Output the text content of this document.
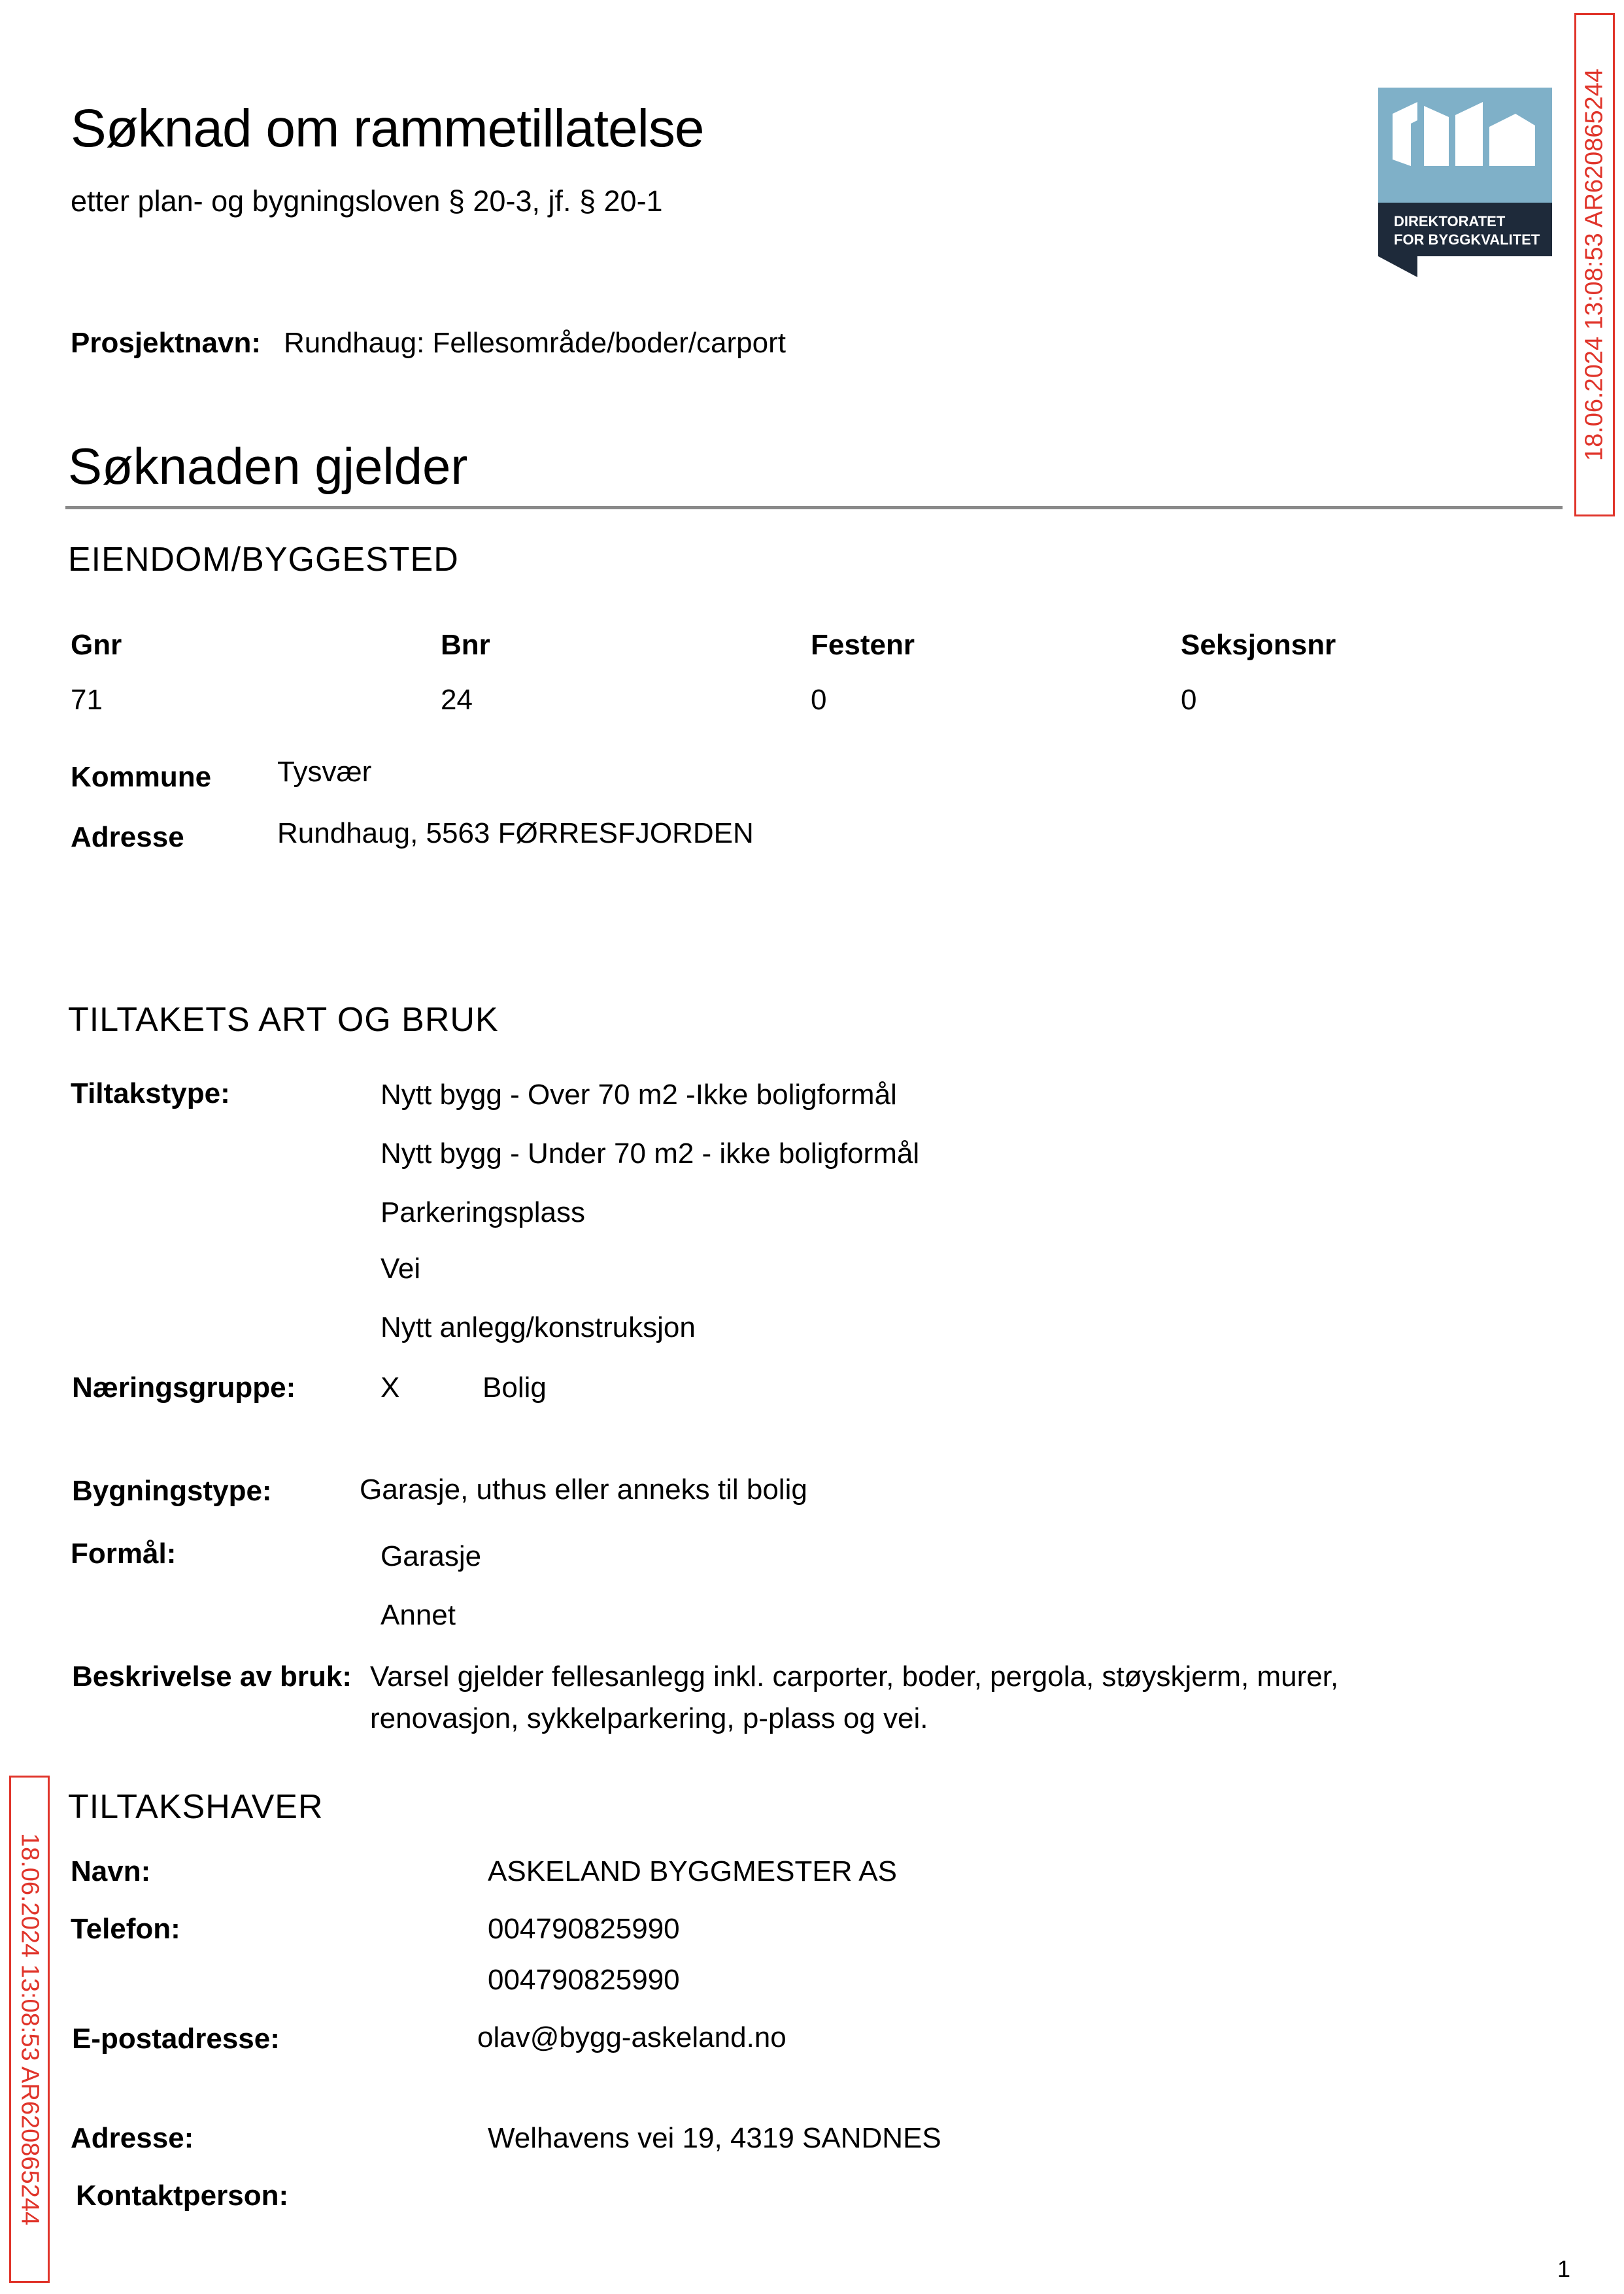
Søknad om rammetillatelse
etter plan- og bygningsloven § 20-3, jf. § 20-1
DIREKTORATET
FOR BYGGKVALITET 18.06.2024 13:08:53 AR620865244
Prosjektnavn: Rundhaug: Fellesområde/boder/carport
Søknaden gjelder
EIENDOM/BYGGESTED
Gnr	Bnr	Festenr	Seksjonsnr
71	24	0	0
Kommune Tysvær
Adresse	Rundhaug, 5563 FØRRESFJORDEN
TILTAKETS ART OG BRUK
Tiltakstype:	Nytt bygg - Over 70 m2 -Ikke boligformål
Nytt bygg - Under 70 m2 - ikke boligformål
Parkeringsplass
Vei
Nytt anlegg/konstruksjon
Næringsgruppe:	X	Bolig
Bygningstype:	Garasje, uthus eller anneks til bolig
Formål:	Garasje
Annet
Beskrivelse av bruk: Varsel gjelder fellesanlegg inkl. carporter, boder, pergola, støyskjerm, murer,
renovasjon, sykkelparkering, p-plass og vei.
TILTAKSHAVER
Navn:	ASKELAND BYGGMESTER AS
Telefon:	004790825990
004790825990
E-postadresse:	olav@bygg-askeland.no
Adresse:	Welhavens vei 19, 4319 SANDNES
Kontaktperson:
18.06.2024 13:08:53 AR620865244
1
